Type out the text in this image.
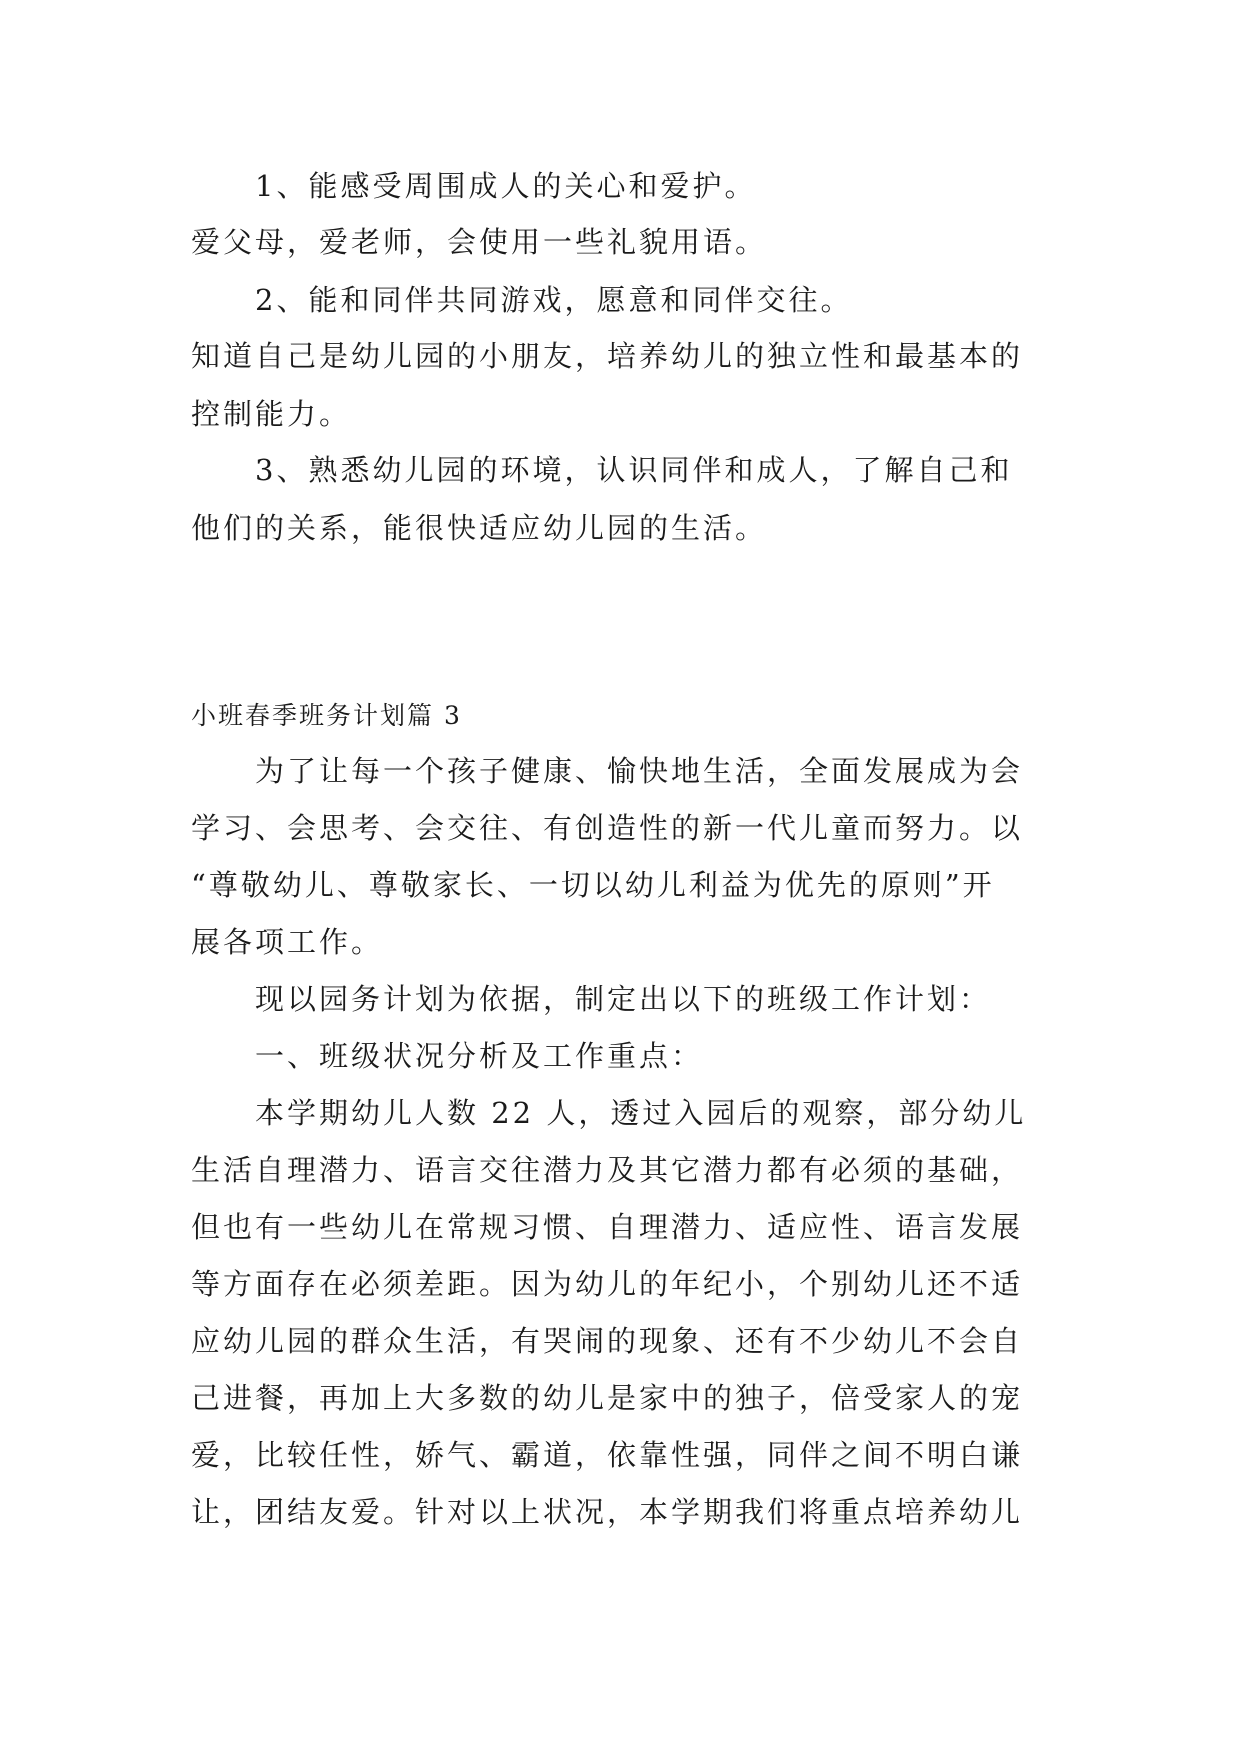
1、能感受周围成人的关心和爱护。
爱父母，爱老师，会使用一些礼貌用语。
2、能和同伴共同游戏，愿意和同伴交往。
知道自己是幼儿园的小朋友，培养幼儿的独立性和最基本的
控制能力。
3、熟悉幼儿园的环境，认识同伴和成人，了解自己和
他们的关系，能很快适应幼儿园的生活。
小班春季班务计划篇 3
为了让每一个孩子健康、愉快地生活，全面发展成为会
学习、会思考、会交往、有创造性的新一代儿童而努力。以
“尊敬幼儿、尊敬家长、一切以幼儿利益为优先的原则”开
展各项工作。
现以园务计划为依据，制定出以下的班级工作计划：
一、班级状况分析及工作重点：
本学期幼儿人数 22 人，透过入园后的观察，部分幼儿
生活自理潜力、语言交往潜力及其它潜力都有必须的基础，
但也有一些幼儿在常规习惯、自理潜力、适应性、语言发展
等方面存在必须差距。因为幼儿的年纪小，个别幼儿还不适
应幼儿园的群众生活，有哭闹的现象、还有不少幼儿不会自
己进餐，再加上大多数的幼儿是家中的独子，倍受家人的宠
爱，比较任性，娇气、霸道，依靠性强，同伴之间不明白谦
让，团结友爱。针对以上状况，本学期我们将重点培养幼儿
